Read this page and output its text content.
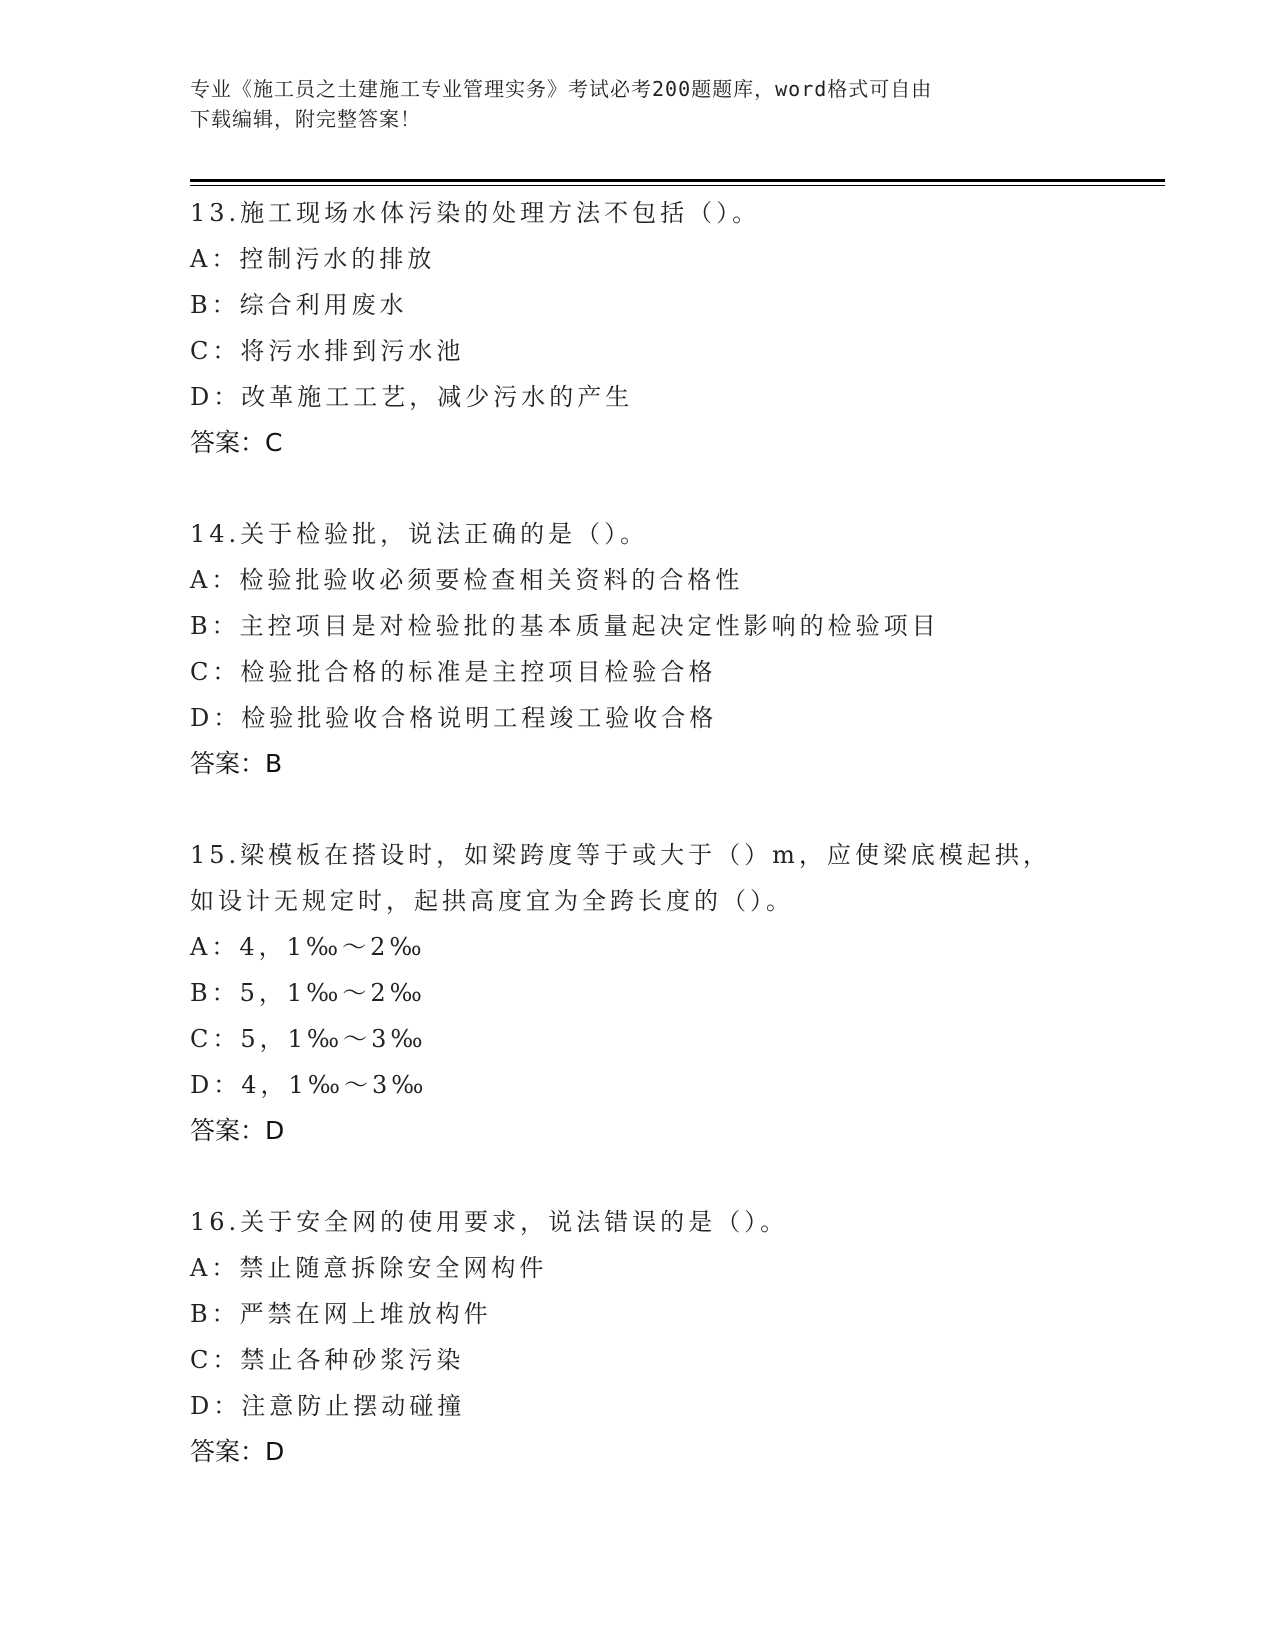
专业《施工员之土建施工专业管理实务》考试必考200题题库，word格式可自由
下载编辑，附完整答案！
13.施工现场水体污染的处理方法不包括（）。
A：控制污水的排放
B：综合利用废水
C：将污水排到污水池
D：改革施工工艺，减少污水的产生
答案：C
14.关于检验批，说法正确的是（）。
A：检验批验收必须要检查相关资料的合格性
B：主控项目是对检验批的基本质量起决定性影响的检验项目
C：检验批合格的标准是主控项目检验合格
D：检验批验收合格说明工程竣工验收合格
答案：B
15.梁模板在搭设时，如梁跨度等于或大于（）m，应使梁底模起拱，
如设计无规定时，起拱高度宜为全跨长度的（）。
A：4，1‰～2‰
B：5，1‰～2‰
C：5，1‰～3‰
D：4，1‰～3‰
答案：D
16.关于安全网的使用要求，说法错误的是（）。
A：禁止随意拆除安全网构件
B：严禁在网上堆放构件
C：禁止各种砂浆污染
D：注意防止摆动碰撞
答案：D
